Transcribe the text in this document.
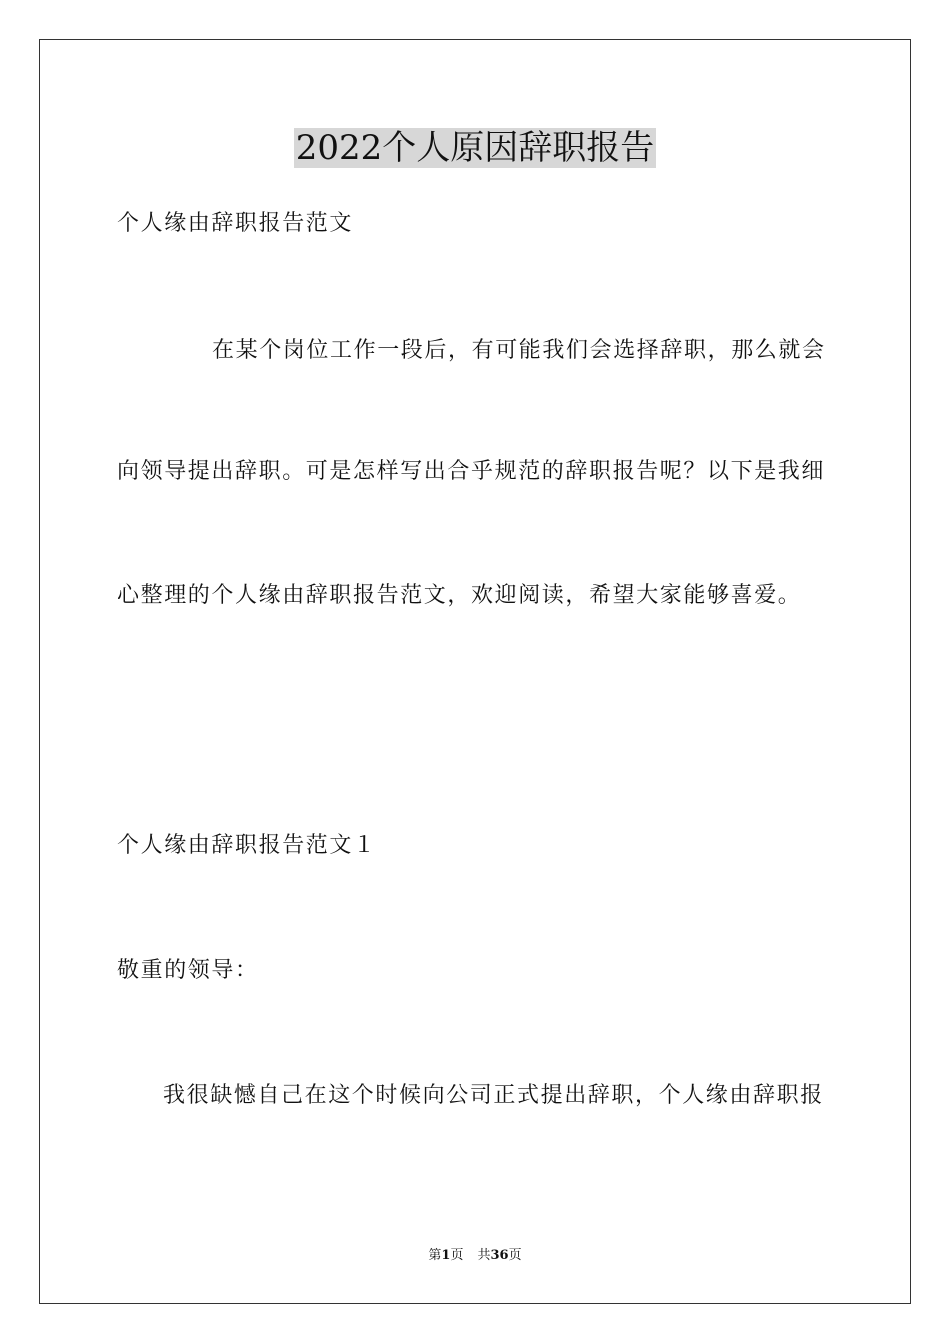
2022个人原因辞职报告
个人缘由辞职报告范文
在某个岗位工作一段后，有可能我们会选择辞职，那么就会
向领导提出辞职。可是怎样写出合乎规范的辞职报告呢？以下是我细
心整理的个人缘由辞职报告范文，欢迎阅读，希望大家能够喜爱。
个人缘由辞职报告范文１
敬重的领导：
我很缺憾自己在这个时候向公司正式提出辞职，个人缘由辞职报
第1页 共36页
